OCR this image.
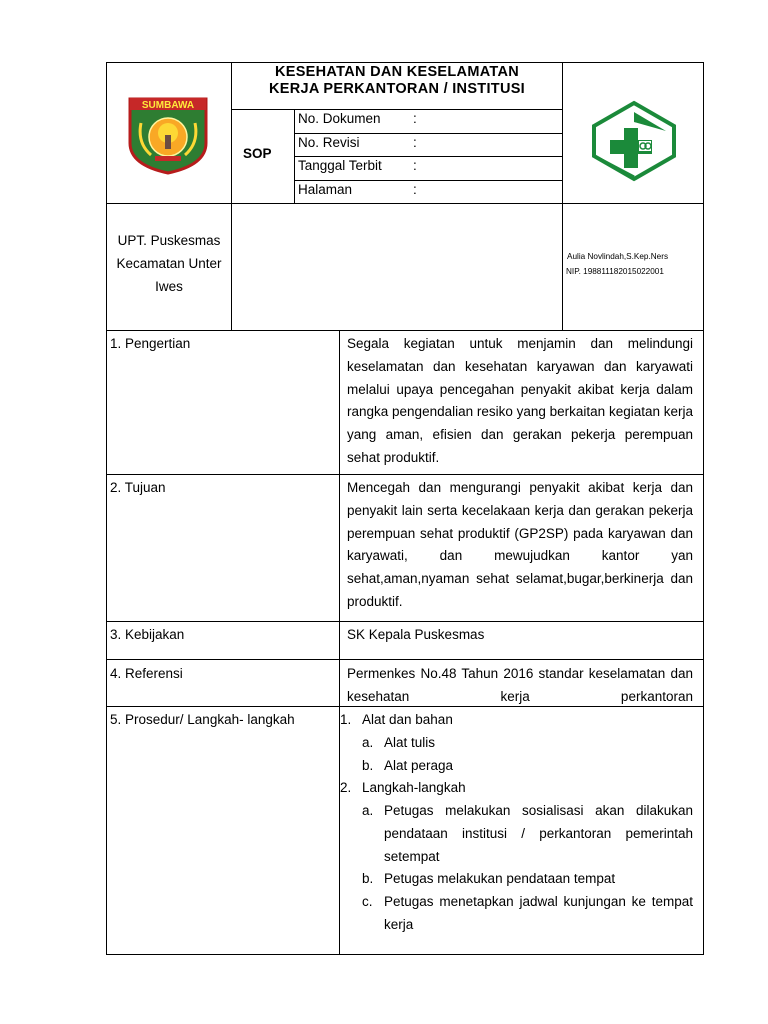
SUMBAWA
KESEHATAN DAN KESELAMATAN
KERJA PERKANTORAN / INSTITUSI
SOP
No. Dokumen :
No. Revisi	:
Tanggal Terbit :
Halaman	:
UPT. Puskesmas
Kecamatan Unter
Iwes
Aulia Novlindah,S.Kep.Ners
NIP. 198811182015022001
1. Pengertian
2. Tujuan
3. Kebijakan
4. Referensi
5. Prosedur/ Langkah- langkah
Segala kegiatan untuk menjamin dan melindungi keselamatan dan kesehatan karyawan dan karyawati melalui upaya pencegahan penyakit akibat kerja dalam rangka pengendalian resiko yang berkaitan kegiatan kerja yang aman, efisien dan gerakan pekerja perempuan sehat produktif.
Mencegah dan mengurangi penyakit akibat kerja dan penyakit lain serta kecelakaan kerja dan gerakan pekerja perempuan sehat produktif (GP2SP) pada karyawan dan karyawati, dan mewujudkan kantor yan sehat,aman,nyaman sehat selamat,bugar,berkinerja dan produktif.
SK Kepala Puskesmas
Permenkes No.48 Tahun 2016 standar keselamatan dan kesehatan kerja perkantoran
1. Alat dan bahan
a. Alat tulis
b. Alat peraga
2. Langkah-langkah
a. Petugas melakukan sosialisasi akan dilakukan pendataan institusi / perkantoran pemerintah setempat
b. Petugas melakukan pendataan tempat
c. Petugas menetapkan jadwal kunjungan ke tempat kerja
